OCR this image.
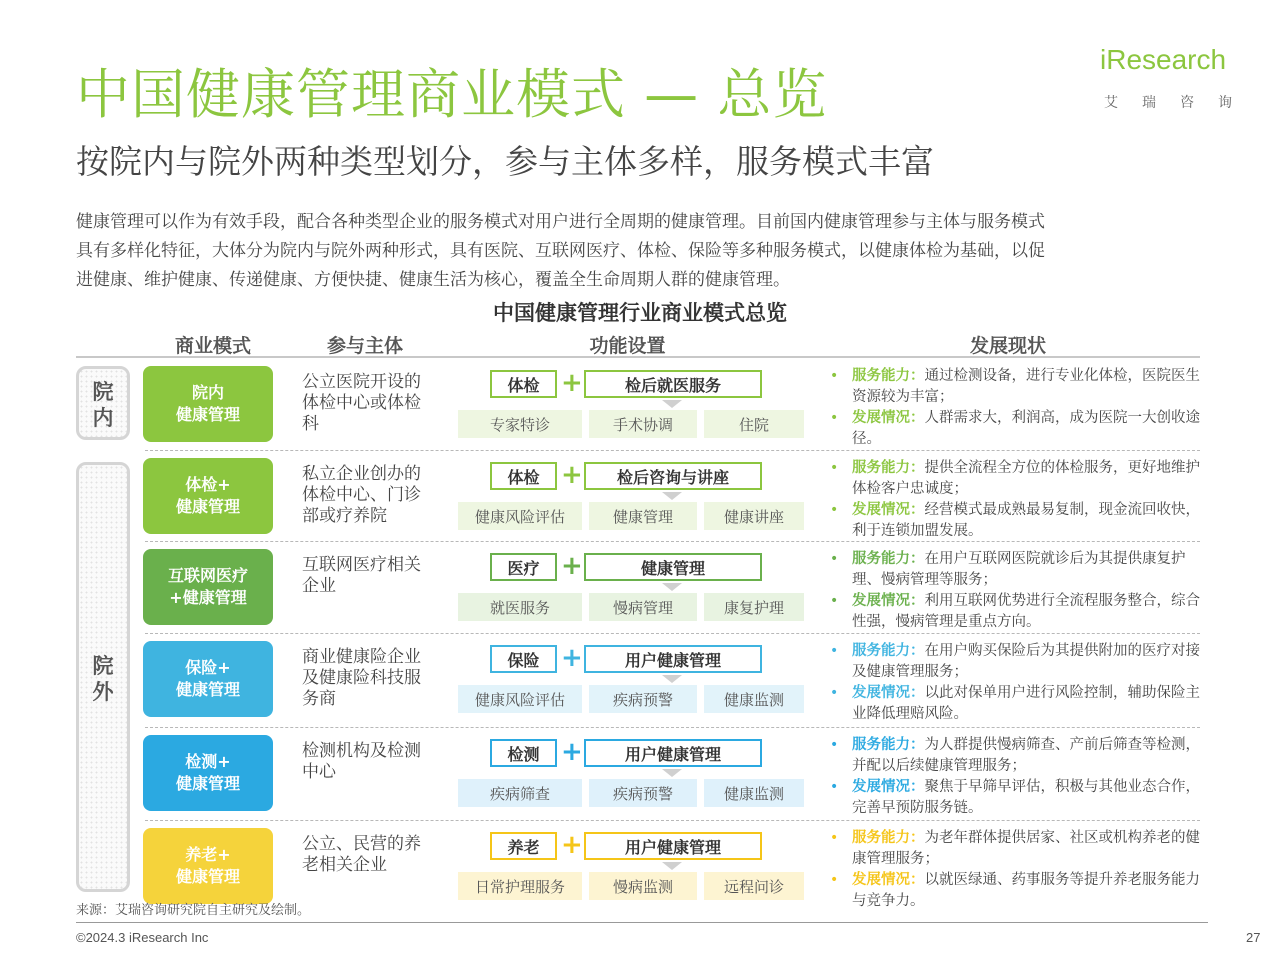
中国健康管理商业模式 — 总览
按院内与院外两种类型划分，参与主体多样，服务模式丰富
iResearch
艾瑞咨询
健康管理可以作为有效手段，配合各种类型企业的服务模式对用户进行全周期的健康管理。目前国内健康管理参与主体与服务模式
具有多样化特征，大体分为院内与院外两种形式，具有医院、互联网医疗、体检、保险等多种服务模式，以健康体检为基础，以促
进健康、维护健康、传递健康、方便快捷、健康生活为核心，覆盖全生命周期人群的健康管理。
中国健康管理行业商业模式总览
商业模式	参与主体	功能设置	发展现状
院
内
院
外
院内
健康管理
公立医院开设的体检中心或体检科
体检 +	检后就医服务
专家特诊	手术协调	住院
• 服务能力：通过检测设备，进行专业化体检，医院医生资源较为丰富；
• 发展情况：人群需求大，利润高，成为医院一大创收途径。
体检+
健康管理
私立企业创办的体检中心、门诊部或疗养院
体检 +	检后咨询与讲座
健康风险评估	健康管理	健康讲座
• 服务能力：提供全流程全方位的体检服务，更好地维护体检客户忠诚度；
• 发展情况：经营模式最成熟最易复制，现金流回收快，利于连锁加盟发展。
互联网医疗
+健康管理
互联网医疗相关企业
医疗 +	健康管理
就医服务	慢病管理	康复护理
• 服务能力：在用户互联网医院就诊后为其提供康复护理、慢病管理等服务；
• 发展情况：利用互联网优势进行全流程服务整合，综合性强，慢病管理是重点方向。
保险+
健康管理
商业健康险企业及健康险科技服务商
保险 +	用户健康管理
健康风险评估	疾病预警	健康监测
• 服务能力：在用户购买保险后为其提供附加的医疗对接及健康管理服务；
• 发展情况：以此对保单用户进行风险控制，辅助保险主业降低理赔风险。
检测+
健康管理
检测机构及检测中心
检测 +	用户健康管理
疾病筛查	疾病预警	健康监测
• 服务能力：为人群提供慢病筛查、产前后筛查等检测，并配以后续健康管理服务；
• 发展情况：聚焦于早筛早评估，积极与其他业态合作，完善早预防服务链。
养老+
健康管理
公立、民营的养老相关企业
养老 +	用户健康管理
日常护理服务	慢病监测	远程问诊
• 服务能力：为老年群体提供居家、社区或机构养老的健康管理服务；
• 发展情况：以就医绿通、药事服务等提升养老服务能力与竞争力。
来源：艾瑞咨询研究院自主研究及绘制。
©2024.3 iResearch Inc	27
